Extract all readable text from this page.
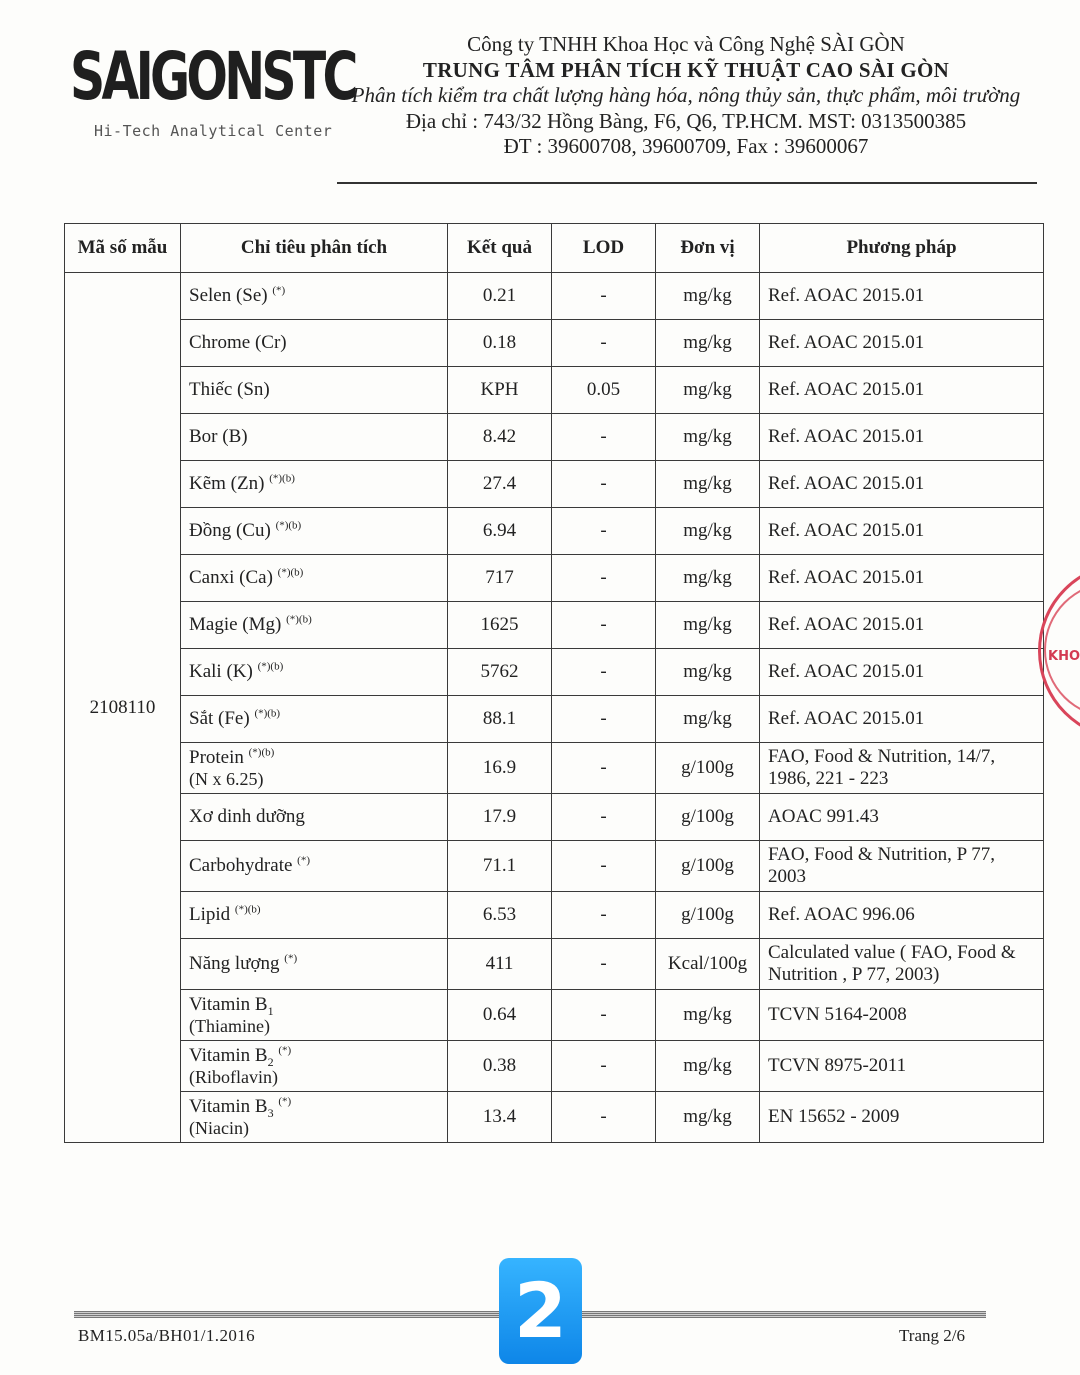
SAIGONSTC
Hi-Tech Analytical Center
Công ty TNHH Khoa Học và Công Nghệ SÀI GÒN
TRUNG TÂM PHÂN TÍCH KỸ THUẬT CAO SÀI GÒN
Phân tích kiểm tra chất lượng hàng hóa, nông thủy sản, thực phẩm, môi trường
Địa chỉ : 743/32 Hồng Bàng, F6, Q6, TP.HCM. MST: 0313500385
ĐT : 39600708, 39600709, Fax : 39600067
Mã số mẫu	Chỉ tiêu phân tích	Kết quả	LOD	Đơn vị	Phương pháp
2108110	Selen (Se) (*)	0.21	-	mg/kg	Ref. AOAC 2015.01

	Chrome (Cr)	0.18	-	mg/kg	Ref. AOAC 2015.01

	Thiếc (Sn)	KPH	0.05	mg/kg	Ref. AOAC 2015.01

	Bor (B)	8.42	-	mg/kg	Ref. AOAC 2015.01

	Kẽm (Zn) $^{(*)(b)}$	27.4	-	mg/kg	Ref. AOAC 2015.01

	Đồng (Cu) $^{(*)(b)}$	6.94	-	mg/kg	Ref. AOAC 2015.01

	Canxi (Ca) $^{(*)(b)}$	717	-	mg/kg	Ref. AOAC 2015.01

	Magie (Mg) $^{(*)(b)}$	1625	-	mg/kg	Ref. AOAC 2015.01

	Kali (K) $^{(*)(b)}$	5762	-	mg/kg	Ref. AOAC 2015.01

	Sắt (Fe) $^{(*)(b)}$	88.1	-	mg/kg	Ref. AOAC 2015.01

	Protein $^{(*)(b)}$
(N x 6.25)	16.9	-	g/100g	FAO, Food & Nutrition, 14/7,
1986, 221 - 223

	Xơ dinh dưỡng	17.9	-	g/100g	AOAC 991.43

	Carbohydrate (*)	71.1	-	g/100g	FAO, Food & Nutrition, P 77,
2003

	Lipid $^{(*)(b)}$	6.53	-	g/100g	Ref. AOAC 996.06

	Năng lượng (*)	411	-	Kcal/100g	Calculated value ( FAO, Food &
Nutrition , P 77, 2003)

	Vitamin $B_1$
(Thiamine)	0.64	-	mg/kg	TCVN 5164-2008

	Vitamin $B_2$ (*)
(Riboflavin)	0.38	-	mg/kg	TCVN 8975-2011

	Vitamin $B_3$ (*)
(Niacin)	13.4	-	mg/kg	EN 15652 - 2009
KHO
BM15.05a/BH01/1.2016	2	Trang 2/6
